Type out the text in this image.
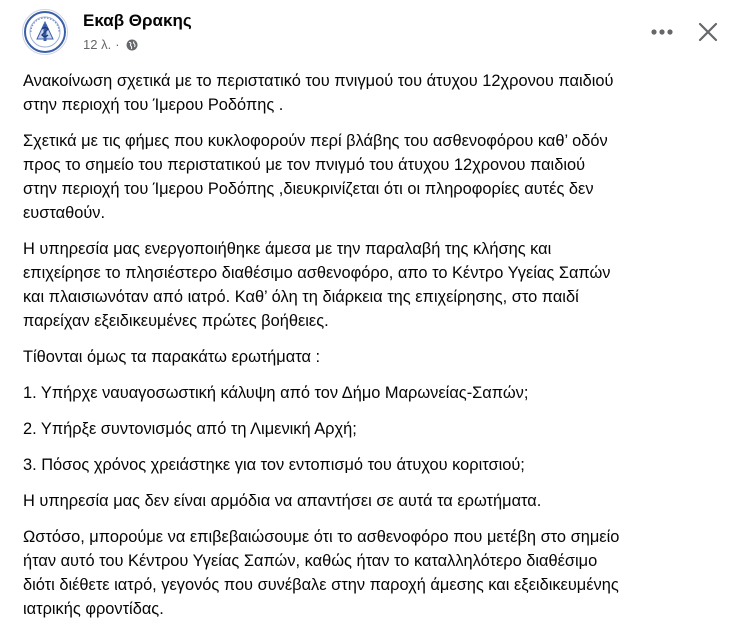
Εκαβ Θρακης
12 λ. ·

Ανακοίνωση σχετικά με το περιστατικό του πνιγμού του άτυχου 12χρονου παιδιού
στην περιοχή του Ίμερου Ροδόπης .

Σχετικά με τις φήμες που κυκλοφορούν περί βλάβης του ασθενοφόρου καθ’ οδόν
προς το σημείο του περιστατικού με τον πνιγμό του άτυχου 12χρονου παιδιού
στην περιοχή του Ίμερου Ροδόπης ,διευκρινίζεται ότι οι πληροφορίες αυτές δεν
ευσταθούν.

Η υπηρεσία μας ενεργοποιήθηκε άμεσα με την παραλαβή της κλήσης και
επιχείρησε το πλησιέστερο διαθέσιμο ασθενοφόρο, απο το Κέντρο Υγείας Σαπών
και πλαισιωνόταν από ιατρό. Καθ’ όλη τη διάρκεια της επιχείρησης, στο παιδί
παρείχαν εξειδικευμένες πρώτες βοήθειες.

Τίθονται όμως τα παρακάτω ερωτήματα :

1. Υπήρχε ναυαγοσωστική κάλυψη από τον Δήμο Μαρωνείας-Σαπών;

2. Υπήρξε συντονισμός από τη Λιμενική Αρχή;

3. Πόσος χρόνος χρειάστηκε για τον εντοπισμό του άτυχου κοριτσιού;

Η υπηρεσία μας δεν είναι αρμόδια να απαντήσει σε αυτά τα ερωτήματα.

Ωστόσο, μπορούμε να επιβεβαιώσουμε ότι το ασθενοφόρο που μετέβη στο σημείο
ήταν αυτό του Κέντρου Υγείας Σαπών, καθώς ήταν το καταλληλότερο διαθέσιμο
διότι διέθετε ιατρό, γεγονός που συνέβαλε στην παροχή άμεσης και εξειδικευμένης
ιατρικής φροντίδας.
